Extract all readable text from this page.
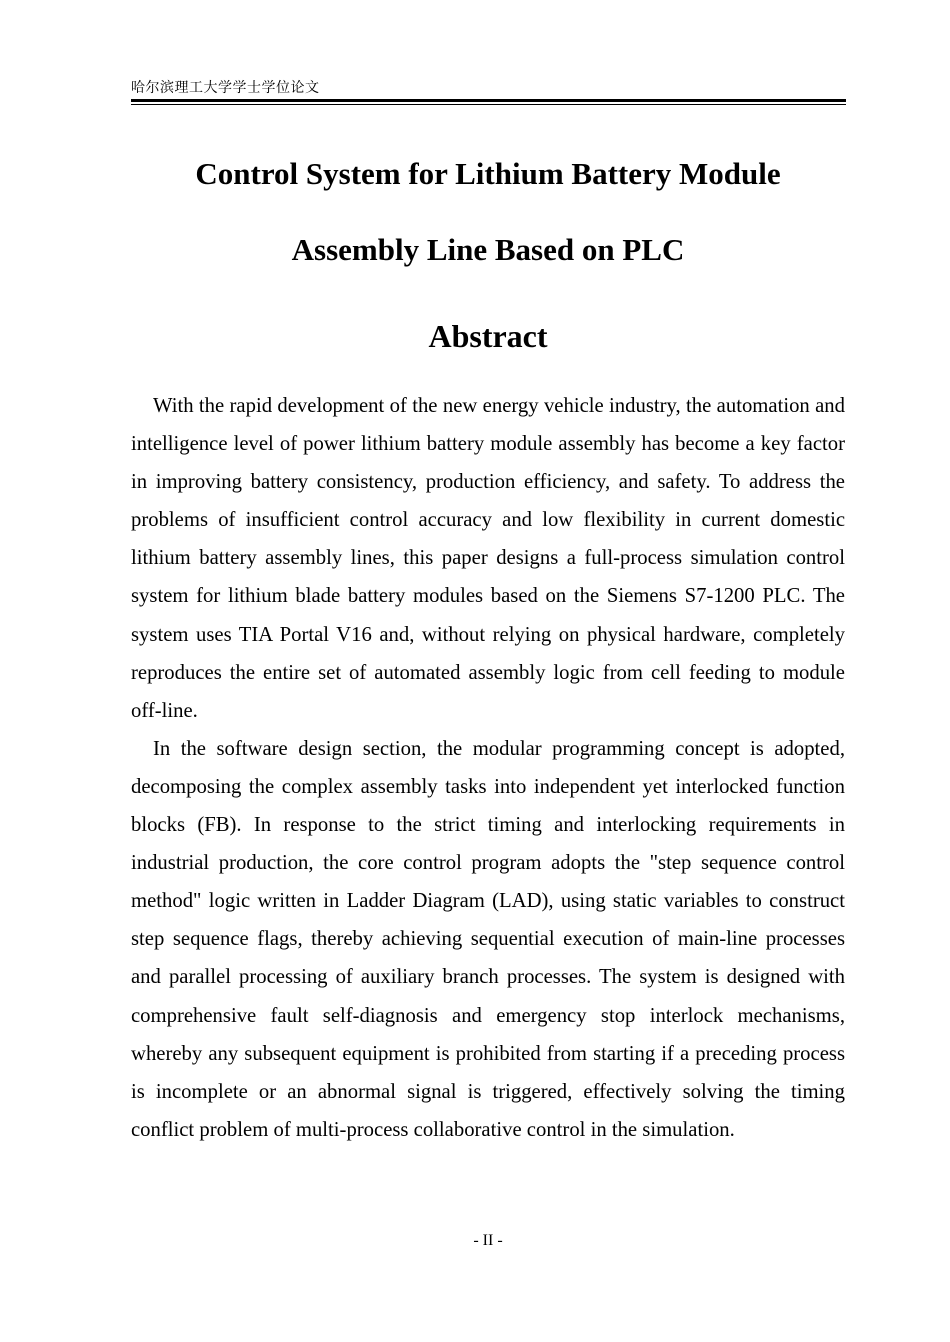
哈尔滨理工大学学士学位论文
Control System for Lithium Battery Module
Assembly Line Based on PLC
Abstract

With the rapid development of the new energy vehicle industry, the automation and intelligence level of power lithium battery module assembly has become a key factor in improving battery consistency, production efficiency, and safety. To address the problems of insufficient control accuracy and low flexibility in current domestic lithium battery assembly lines, this paper designs a full-process simulation control system for lithium blade battery modules based on the Siemens S7-1200 PLC. The system uses TIA Portal V16 and, without relying on physical hardware, completely reproduces the entire set of automated assembly logic from cell feeding to module off-line.

In the software design section, the modular programming concept is adopted, decomposing the complex assembly tasks into independent yet interlocked function blocks (FB). In response to the strict timing and interlocking requirements in industrial production, the core control program adopts the "step sequence control method" logic written in Ladder Diagram (LAD), using static variables to construct step sequence flags, thereby achieving sequential execution of main-line processes and parallel processing of auxiliary branch processes. The system is designed with comprehensive fault self-diagnosis and emergency stop interlock mechanisms, whereby any subsequent equipment is prohibited from starting if a preceding process is incomplete or an abnormal signal is triggered, effectively solving the timing conflict problem of multi-process collaborative control in the simulation.

- II -
